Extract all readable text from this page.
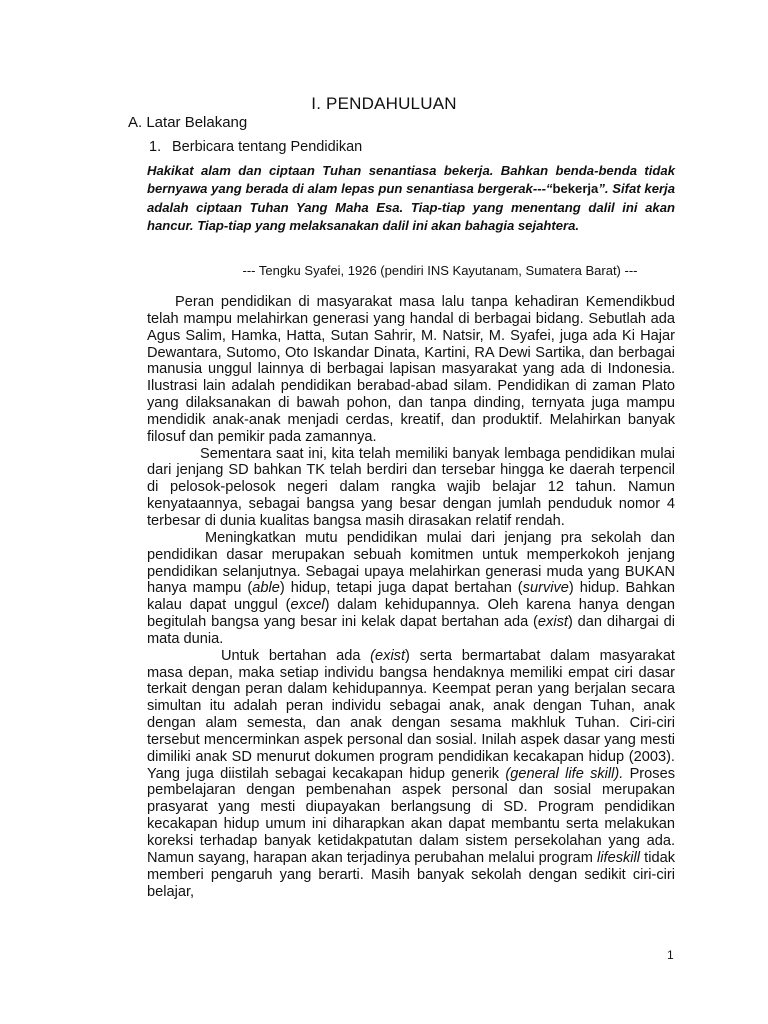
I. PENDAHULUAN
A. Latar Belakang
1. Berbicara tentang Pendidikan
Hakikat alam dan ciptaan Tuhan senantiasa bekerja. Bahkan benda-benda tidak bernyawa yang berada di alam lepas pun senantiasa bergerak---“bekerja”. Sifat kerja adalah ciptaan Tuhan Yang Maha Esa. Tiap-tiap yang menentang dalil ini akan hancur. Tiap-tiap yang melaksanakan dalil ini akan bahagia sejahtera.
--- Tengku Syafei, 1926 (pendiri INS Kayutanam, Sumatera Barat) ---

Peran pendidikan di masyarakat masa lalu tanpa kehadiran Kemendikbud telah mampu melahirkan generasi yang handal di berbagai bidang. Sebutlah ada Agus Salim, Hamka, Hatta, Sutan Sahrir, M. Natsir, M. Syafei, juga ada Ki Hajar Dewantara, Sutomo, Oto Iskandar Dinata, Kartini, RA Dewi Sartika, dan berbagai manusia unggul lainnya di berbagai lapisan masyarakat yang ada di Indonesia. Ilustrasi lain adalah pendidikan berabad-abad silam. Pendidikan di zaman Plato yang dilaksanakan di bawah pohon, dan tanpa dinding, ternyata juga mampu mendidik anak-anak menjadi cerdas, kreatif, dan produktif. Melahirkan banyak filosuf dan pemikir pada zamannya.

Sementara saat ini, kita telah memiliki banyak lembaga pendidikan mulai dari jenjang SD bahkan TK telah berdiri dan tersebar hingga ke daerah terpencil di pelosok-pelosok negeri dalam rangka wajib belajar 12 tahun. Namun kenyataannya, sebagai bangsa yang besar dengan jumlah penduduk nomor 4 terbesar di dunia kualitas bangsa masih dirasakan relatif rendah.

Meningkatkan mutu pendidikan mulai dari jenjang pra sekolah dan pendidikan dasar merupakan sebuah komitmen untuk memperkokoh jenjang pendidikan selanjutnya. Sebagai upaya melahirkan generasi muda yang BUKAN hanya mampu (able) hidup, tetapi juga dapat bertahan (survive) hidup. Bahkan kalau dapat unggul (excel) dalam kehidupannya. Oleh karena hanya dengan begitulah bangsa yang besar ini kelak dapat bertahan ada (exist) dan dihargai di mata dunia.

Untuk bertahan ada (exist) serta bermartabat dalam masyarakat masa depan, maka setiap individu bangsa hendaknya memiliki empat ciri dasar terkait dengan peran dalam kehidupannya. Keempat peran yang berjalan secara simultan itu adalah peran individu sebagai anak, anak dengan Tuhan, anak dengan alam semesta, dan anak dengan sesama makhluk Tuhan. Ciri-ciri tersebut mencerminkan aspek personal dan sosial. Inilah aspek dasar yang mesti dimiliki anak SD menurut dokumen program pendidikan kecakapan hidup (2003). Yang juga diistilah sebagai kecakapan hidup generik (general life skill). Proses pembelajaran dengan pembenahan aspek personal dan sosial merupakan prasyarat yang mesti diupayakan berlangsung di SD. Program pendidikan kecakapan hidup umum ini diharapkan akan dapat membantu serta melakukan koreksi terhadap banyak ketidakpatutan dalam sistem persekolahan yang ada. Namun sayang, harapan akan terjadinya perubahan melalui program lifeskill tidak memberi pengaruh yang berarti. Masih banyak sekolah dengan sedikit ciri-ciri belajar,

1
